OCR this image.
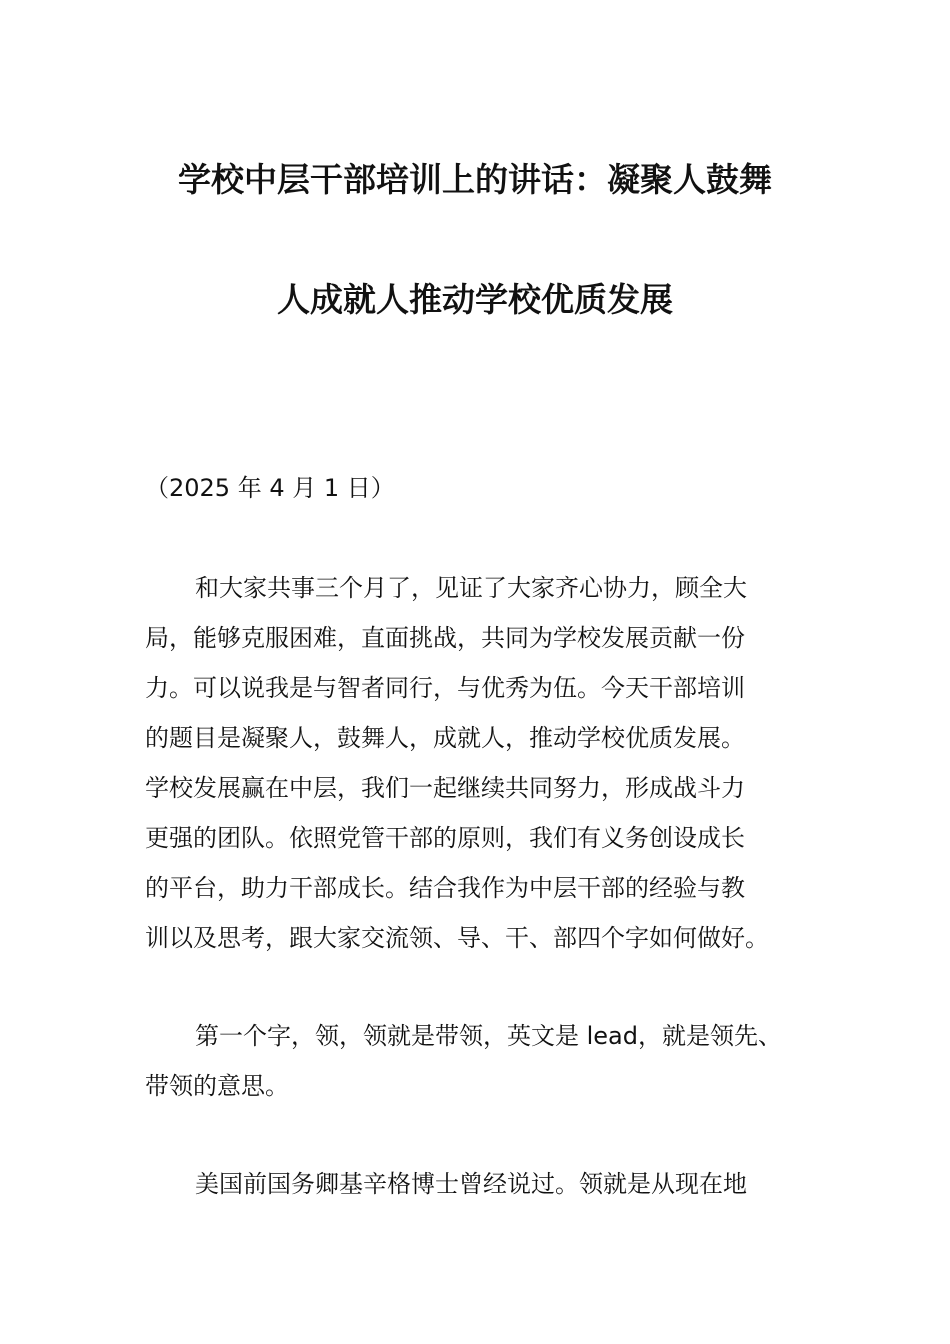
学校中层干部培训上的讲话：凝聚人鼓舞
人成就人推动学校优质发展
（2025 年 4 月 1 日）
和大家共事三个月了，见证了大家齐心协力，顾全大
局，能够克服困难，直面挑战，共同为学校发展贡献一份
力。可以说我是与智者同行，与优秀为伍。今天干部培训
的题目是凝聚人，鼓舞人，成就人，推动学校优质发展。
学校发展赢在中层，我们一起继续共同努力，形成战斗力
更强的团队。依照党管干部的原则，我们有义务创设成长
的平台，助力干部成长。结合我作为中层干部的经验与教
训以及思考，跟大家交流领、导、干、部四个字如何做好。
第一个字，领，领就是带领，英文是 lead，就是领先、
带领的意思。
美国前国务卿基辛格博士曾经说过。领就是从现在地
